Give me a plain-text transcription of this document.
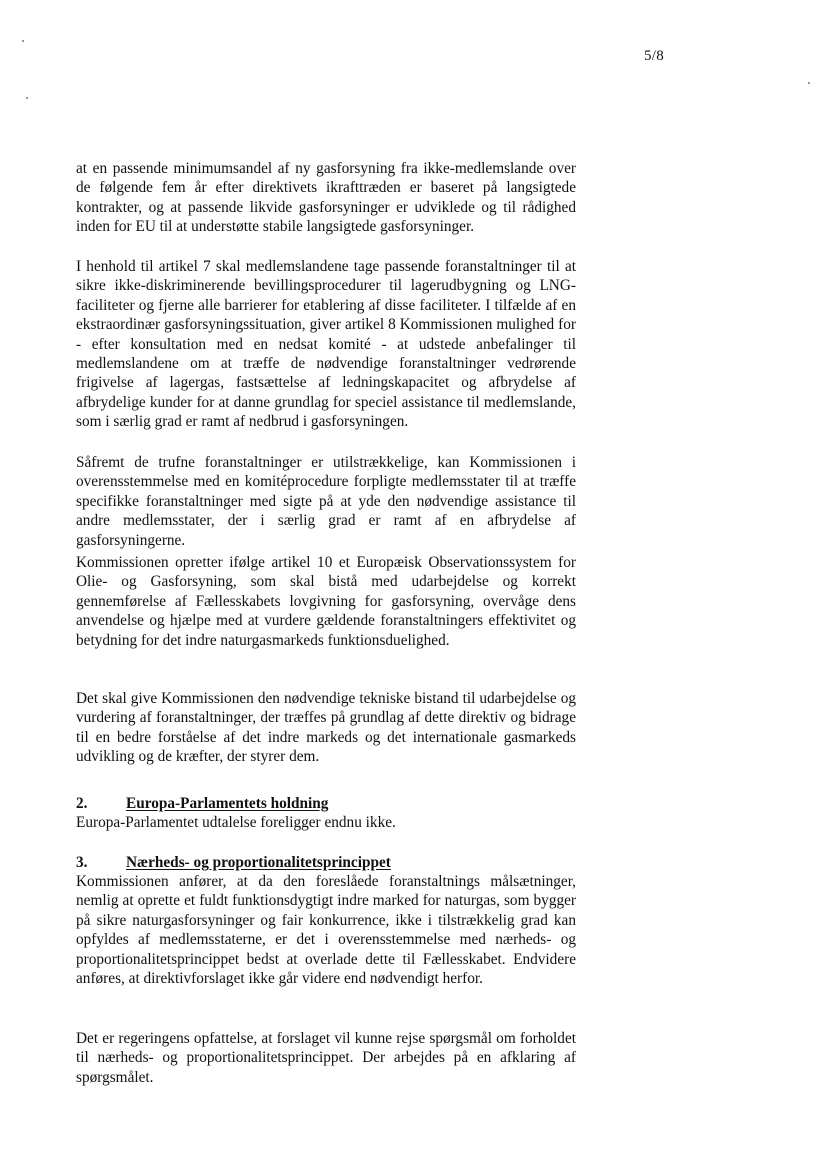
5/8

at en passende minimumsandel af ny gasforsyning fra ikke-medlemslande over de følgende fem år efter direktivets ikrafttræden er baseret på langsigtede kontrakter, og at passende likvide gasforsyninger er udviklede og til rådighed inden for EU til at understøtte stabile langsigtede gasforsyninger.

I henhold til artikel 7 skal medlemslandene tage passende foranstaltninger til at sikre ikke-diskriminerende bevillingsprocedurer til lagerudbygning og LNG-faciliteter og fjerne alle barrierer for etablering af disse faciliteter. I tilfælde af en ekstraordinær gasforsyningssituation, giver artikel 8 Kommissionen mulighed for - efter konsultation med en nedsat komité - at udstede anbefalinger til medlemslandene om at træffe de nødvendige foranstaltninger vedrørende frigivelse af lagergas, fastsættelse af ledningskapacitet og afbrydelse af afbrydelige kunder for at danne grundlag for speciel assistance til medlemslande, som i særlig grad er ramt af nedbrud i gasforsyningen.

Såfremt de trufne foranstaltninger er utilstrækkelige, kan Kommissionen i overensstemmelse med en komitéprocedure forpligte medlemsstater til at træffe specifikke foranstaltninger med sigte på at yde den nødvendige assistance til andre medlemsstater, der i særlig grad er ramt af en afbrydelse af gasforsyningerne.

Kommissionen opretter ifølge artikel 10 et Europæisk Observationssystem for Olie- og Gasforsyning, som skal bistå med udarbejdelse og korrekt gennemførelse af Fællesskabets lovgivning for gasforsyning, overvåge dens anvendelse og hjælpe med at vurdere gældende foranstaltningers effektivitet og betydning for det indre naturgasmarkeds funktionsduelighed.

Det skal give Kommissionen den nødvendige tekniske bistand til udarbejdelse og vurdering af foranstaltninger, der træffes på grundlag af dette direktiv og bidrage til en bedre forståelse af det indre markeds og det internationale gasmarkeds udvikling og de kræfter, der styrer dem.

2.	Europa-Parlamentets holdning

Europa-Parlamentet udtalelse foreligger endnu ikke.

3.	Nærheds- og proportionalitetsprincippet

Kommissionen anfører, at da den foreslåede foranstaltnings målsætninger, nemlig at oprette et fuldt funktionsdygtigt indre marked for naturgas, som bygger på sikre naturgasforsyninger og fair konkurrence, ikke i tilstrækkelig grad kan opfyldes af medlemsstaterne, er det i overensstemmelse med nærheds- og proportionalitetsprincippet bedst at overlade dette til Fællesskabet. Endvidere anføres, at direktivforslaget ikke går videre end nødvendigt herfor.

Det er regeringens opfattelse, at forslaget vil kunne rejse spørgsmål om forholdet til nærheds- og proportionalitetsprincippet. Der arbejdes på en afklaring af spørgsmålet.
